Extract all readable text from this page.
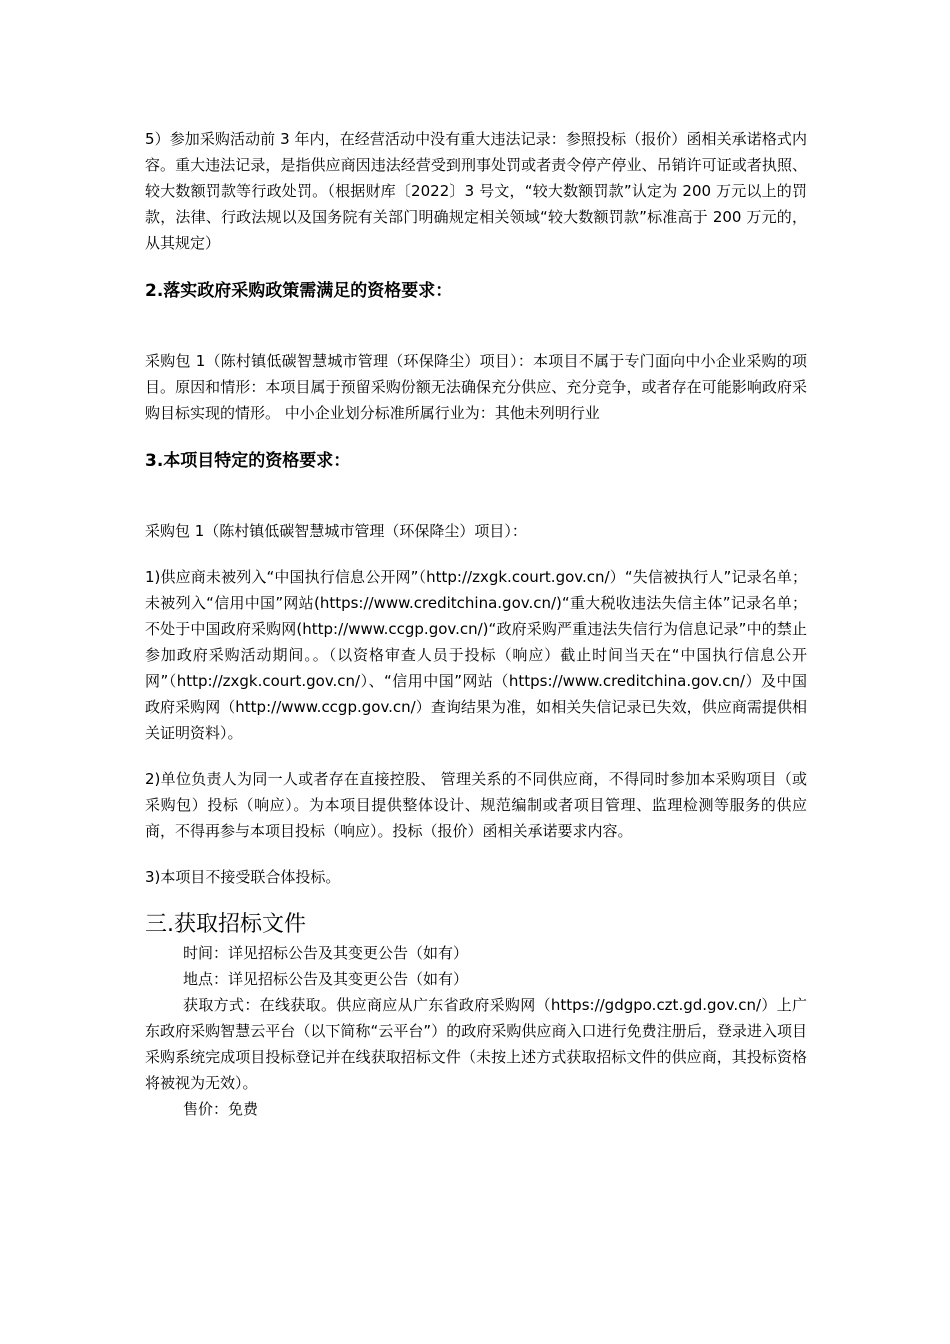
5）参加采购活动前 3 年内，在经营活动中没有重大违法记录：参照投标（报价）函相关承诺格式内容。重大违法记录，是指供应商因违法经营受到刑事处罚或者责令停产停业、吊销许可证或者执照、较大数额罚款等行政处罚。（根据财库〔2022〕3 号文，“较大数额罚款”认定为 200 万元以上的罚款，法律、行政法规以及国务院有关部门明确规定相关领域“较大数额罚款”标准高于 200 万元的，从其规定）

2.落实政府采购政策需满足的资格要求：

采购包 1（陈村镇低碳智慧城市管理（环保降尘）项目）：本项目不属于专门面向中小企业采购的项目。原因和情形：本项目属于预留采购份额无法确保充分供应、充分竞争，或者存在可能影响政府采购目标实现的情形。 中小企业划分标准所属行业为：其他未列明行业

3.本项目特定的资格要求：

采购包 1（陈村镇低碳智慧城市管理（环保降尘）项目）：

1)供应商未被列入“中国执行信息公开网”（http://zxgk.court.gov.cn/）“失信被执行人”记录名单；未被列入“信用中国”网站(https://www.creditchina.gov.cn/)“重大税收违法失信主体”记录名单；不处于中国政府采购网(http://www.ccgp.gov.cn/)“政府采购严重违法失信行为信息记录”中的禁止参加政府采购活动期间。。（以资格审查人员于投标（响应）截止时间当天在“中国执行信息公开网”（http://zxgk.court.gov.cn/）、“信用中国”网站（https://www.creditchina.gov.cn/）及中国政府采购网（http://www.ccgp.gov.cn/）查询结果为准，如相关失信记录已失效，供应商需提供相关证明资料）。

2)单位负责人为同一人或者存在直接控股、 管理关系的不同供应商，不得同时参加本采购项目（或采购包）投标（响应）。为本项目提供整体设计、规范编制或者项目管理、监理检测等服务的供应商，不得再参与本项目投标（响应）。投标（报价）函相关承诺要求内容。

3)本项目不接受联合体投标。

三.获取招标文件

时间：详见招标公告及其变更公告（如有）

地点：详见招标公告及其变更公告（如有）

获取方式：在线获取。供应商应从广东省政府采购网（https://gdgpo.czt.gd.gov.cn/）上广东政府采购智慧云平台（以下简称“云平台”）的政府采购供应商入口进行免费注册后，登录进入项目采购系统完成项目投标登记并在线获取招标文件（未按上述方式获取招标文件的供应商，其投标资格将被视为无效）。

售价：免费
